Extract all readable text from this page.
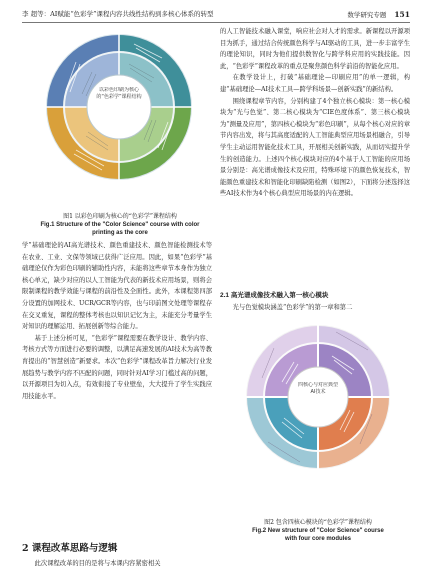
李 超等：AI赋能“色彩学”课程内容共线性结构到多核心体系的转型	数学研究专题 151
以彩色印刷为核心的“色彩学”课程结构
图1 以彩色印刷为核心的“色彩学”课程结构
Fig.1 Structure of the "Color Science" course with color printing as the core

学”基础理论的AI高光谱技术、颜色重建技术、颜色智能检测技术等在农业、工业、文保等领域已获得广泛应用。因此，如果“色彩学”基础理论仅作为彩色印刷的辅助性内容，未能将这些章节本身作为独立核心单元，缺少对应的以人工智能为代表的新技术应用场景，则将会限制课程的教学效能与课程的前沿性及全面性。此外，本课程第四部分设置的加网技术、UCR/GCR等内容，也与印前图文处理等课程存在交叉重复，课程的整体考核也以知识记忆为主，未能充分考量学生对知识的理解运用、拓展创新等综合能力。

基于上述分析可见，“色彩学”课程需要在教学设计、教学内容、考核方式等方面进行必要的调整，以满足高速发展的AI技术为高等教育提出的“智慧创造”新要求。本次“色彩学”课程改革旨力解决行业发展趋势与教学内容不匹配的问题，同时针对AI学习门槛过高的问题，以开源项目为切入点，有效衔接了专业壁垒，大大提升了学生实践应用技能水平。

2 课程改革思路与逻辑

此次课程改革的目的是将与本课内容紧密相关

的人工智能技术融入课堂，响应社会对人才的需求。新课程以开源项目为抓手，通过结合传统颜色科学与AI驱动的工具，进一步丰富学生的理论知识，同时为他们提供数智化与跨学科应用的实践技能。因此，“色彩学”课程改革的重点是聚焦颜色科学前沿的智能化应用。

在教学设计上，打破“基础理论—印刷应用”的单一逻辑，构建“基础理论—AI技术工具—跨学科场景—创新实践”的新结构。

围绕课程章节内容，分别构建了4个独立核心模块：第一核心模块为“光与色觉”、第二核心模块为“CIE色度体系”、第三核心模块为“测量及应用”，第四核心模块为“彩色印刷”，从每个核心对应的章节内容出发，将与其高度适配的人工智能典型应用场景相融合，引导学生主动运用智能化技术工具，开展相关创新实践，从而切实提升学生的创造能力。上述四个核心模块对应的4个基于人工智能的应用场景分别是：高光谱成像技术及应用，特殊环境下的颜色恢复技术，智能颜色重建技术和智能化印刷缺陷检测（如图2），下面将分述选择这些AI技术作为4个核心典型应用场景的内在逻辑。

2.1 高光谱成像技术融入第一核心模块

光与色觉模块涵盖“色彩学”的第一章和第二

四核心与对应典型AI技术
图2 包含四核心模块的“色彩学”课程结构
Fig.2 New structure of "Color Science" course
with four core modules
